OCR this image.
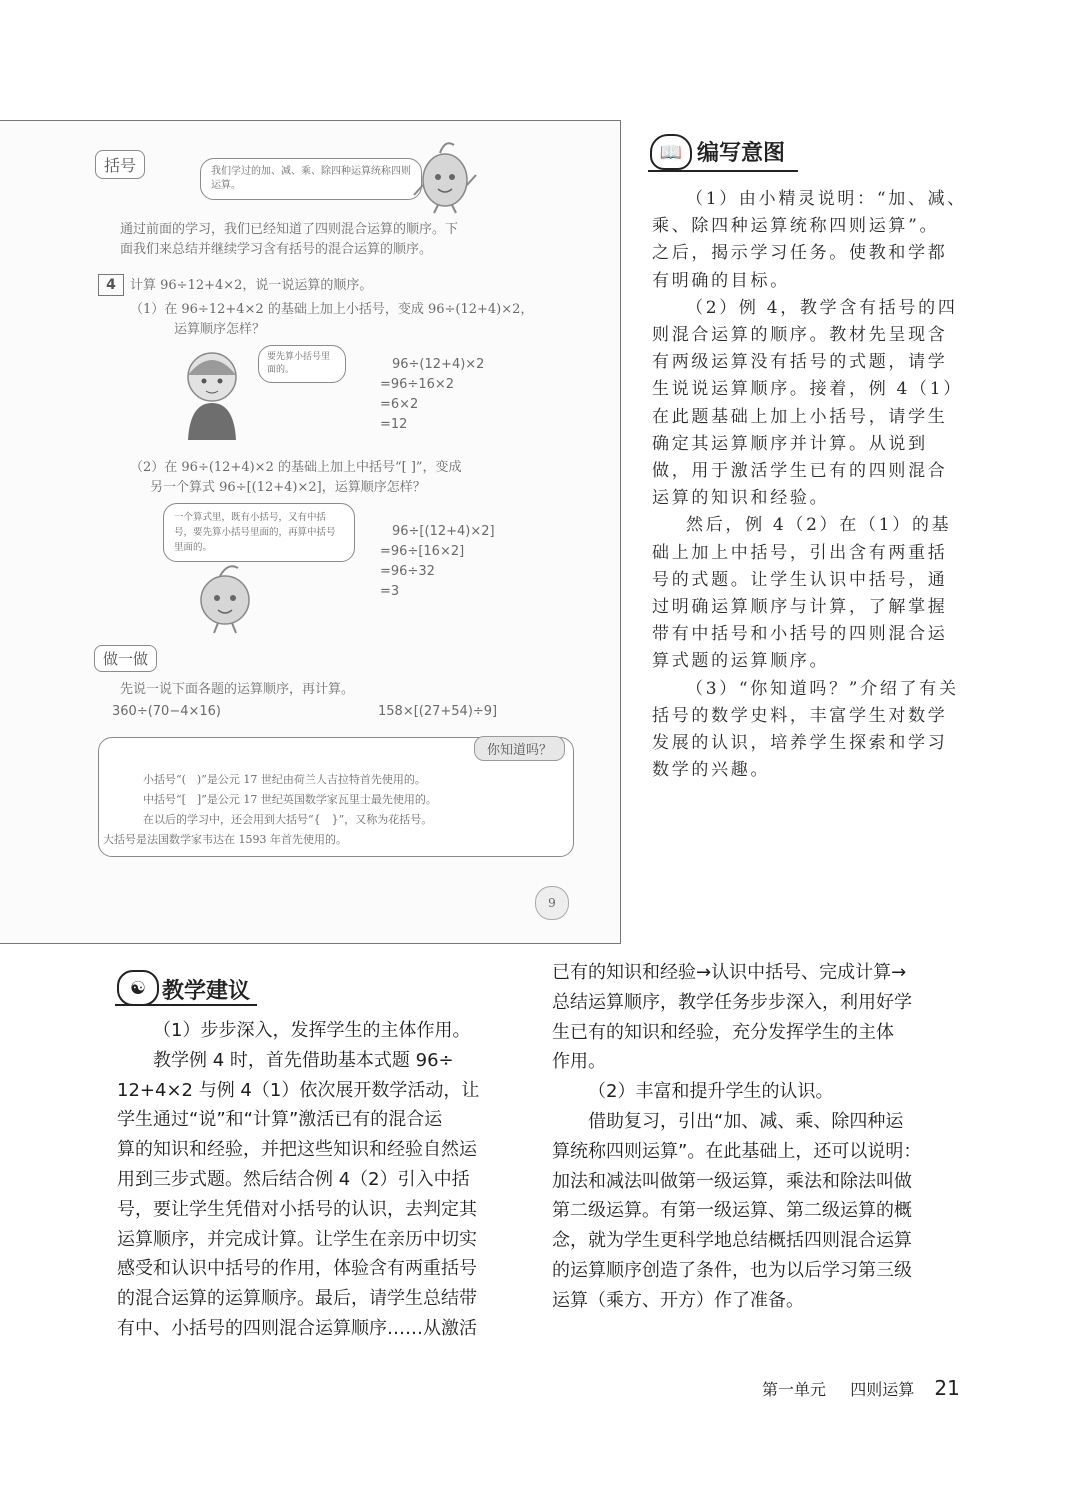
括号	我们学过的加、减、乘、除四种运算统称四则运算。
通过前面的学习，我们已经知道了四则混合运算的顺序。下
面我们来总结并继续学习含有括号的混合运算的顺序。
4	计算 96÷12+4×2，说一说运算的顺序。
（1）在 96÷12+4×2 的基础上加上小括号，变成 96÷(12+4)×2，
运算顺序怎样？
要先算小括号里面的。	96÷(12+4)×2
=96÷16×2
=6×2
=12
（2）在 96÷(12+4)×2 的基础上加上中括号“[ ]”，变成
另一个算式 96÷[(12+4)×2]，运算顺序怎样？
一个算式里，既有小括号，又有中括号，要先算小括号里面的，再算中括号里面的。
96÷[(12+4)×2]
=96÷[16×2]
=96÷32
=3
做一做
先说一说下面各题的运算顺序，再计算。
360÷(70−4×16)	158×[(27+54)÷9]
你知道吗？
小括号“(　)”是公元 17 世纪由荷兰人吉拉特首先使用的。
中括号“[　]”是公元 17 世纪英国数学家瓦里士最先使用的。
在以后的学习中，还会用到大括号“{　}”，又称为花括号。
大括号是法国数学家韦达在 1593 年首先使用的。
9
📖 编写意图

（1）由小精灵说明：“加、减、

乘、除四种运算统称四则运算”。

之后，揭示学习任务。使教和学都

有明确的目标。

（2）例 4，教学含有括号的四

则混合运算的顺序。教材先呈现含

有两级运算没有括号的式题，请学

生说说运算顺序。接着，例 4（1）

在此题基础上加上小括号，请学生

确定其运算顺序并计算。从说到

做，用于激活学生已有的四则混合

运算的知识和经验。

然后，例 4（2）在（1）的基

础上加上中括号，引出含有两重括

号的式题。让学生认识中括号，通

过明确运算顺序与计算，了解掌握

带有中括号和小括号的四则混合运

算式题的运算顺序。

（3）“你知道吗？”介绍了有关

括号的数学史料，丰富学生对数学

发展的认识，培养学生探索和学习

数学的兴趣。

☯ 教学建议

（1）步步深入，发挥学生的主体作用。

教学例 4 时，首先借助基本式题 96÷

12+4×2 与例 4（1）依次展开数学活动，让

学生通过“说”和“计算”激活已有的混合运

算的知识和经验，并把这些知识和经验自然运

用到三步式题。然后结合例 4（2）引入中括

号，要让学生凭借对小括号的认识，去判定其

运算顺序，并完成计算。让学生在亲历中切实

感受和认识中括号的作用，体验含有两重括号

的混合运算的运算顺序。最后，请学生总结带

有中、小括号的四则混合运算顺序……从激活

已有的知识和经验→认识中括号、完成计算→

总结运算顺序，教学任务步步深入，利用好学

生已有的知识和经验，充分发挥学生的主体

作用。

（2）丰富和提升学生的认识。

借助复习，引出“加、减、乘、除四种运

算统称四则运算”。在此基础上，还可以说明：

加法和减法叫做第一级运算，乘法和除法叫做

第二级运算。有第一级运算、第二级运算的概

念，就为学生更科学地总结概括四则混合运算

的运算顺序创造了条件，也为以后学习第三级

运算（乘方、开方）作了准备。

第一单元 四则运算 21
